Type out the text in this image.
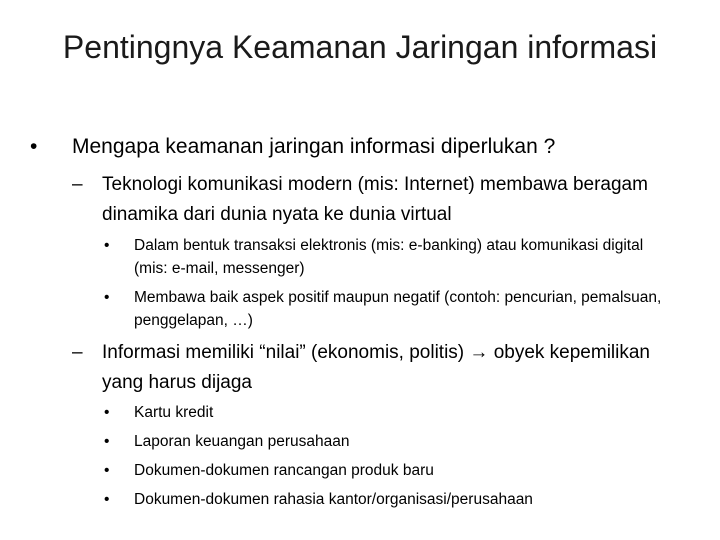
Pentingnya Keamanan Jaringan informasi
•	Mengapa keamanan jaringan informasi diperlukan ?
–	Teknologi komunikasi modern (mis: Internet) membawa beragam dinamika dari dunia nyata ke dunia virtual
•	Dalam bentuk transaksi elektronis (mis: e-banking) atau komunikasi digital (mis: e-mail, messenger)
•	Membawa baik aspek positif maupun negatif (contoh: pencurian, pemalsuan, penggelapan, …)
–	Informasi memiliki “nilai” (ekonomis, politis) → obyek kepemilikan yang harus dijaga
•	Kartu kredit
•	Laporan keuangan perusahaan
•	Dokumen-dokumen rancangan produk baru
•	Dokumen-dokumen rahasia kantor/organisasi/perusahaan
